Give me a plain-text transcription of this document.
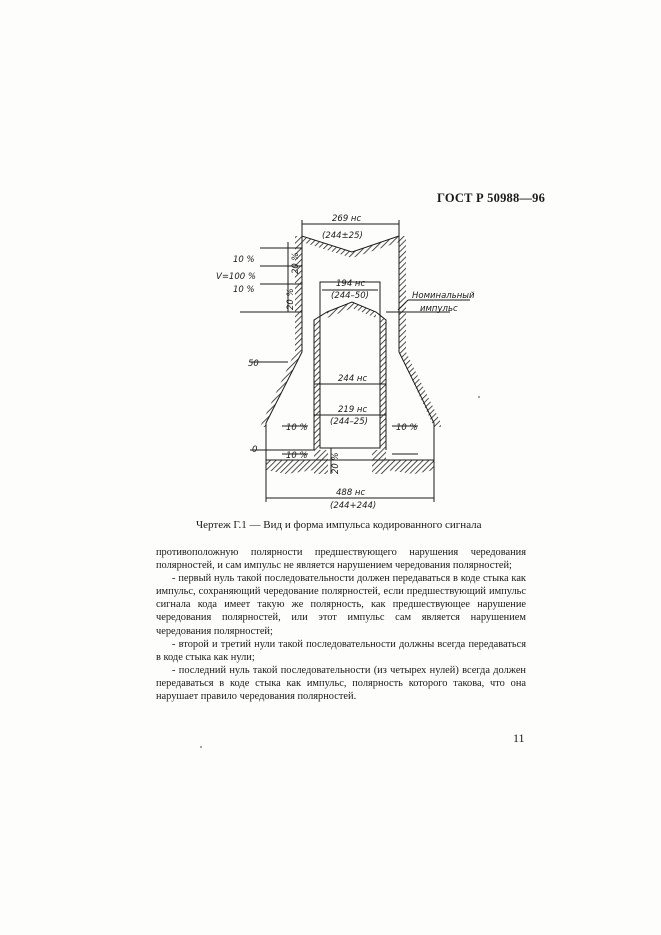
ГОСТ Р 50988—96
269 нс
(244±25)
194 нс
(244–50)
244 нс
219 нс
(244–25)
488 нс
(244+244)
10 %
V=100 %
10 %
20 %
20 %
20 %
10 %
10 %
10 %
50
0
Номинальный
импульс
Чертеж Г.1 — Вид и форма импульса кодированного сигнала

противоположную полярности предшествующего нарушения чередования полярностей, и сам импульс не является нарушением чередования полярностей;

- первый нуль такой последовательности должен передаваться в коде стыка как импульс, сохраняющий чередование полярностей, если предшествующий импульс сигнала кода имеет такую же полярность, как предшествующее нарушение чередования полярностей, или этот импульс сам является нарушением чередования полярностей;

- второй и третий нули такой последовательности должны всегда передаваться в коде стыка как нули;

- последний нуль такой последовательности (из четырех нулей) всегда должен передаваться в коде стыка как импульс, полярность которого такова, что она нарушает правило чередования полярностей.

11
